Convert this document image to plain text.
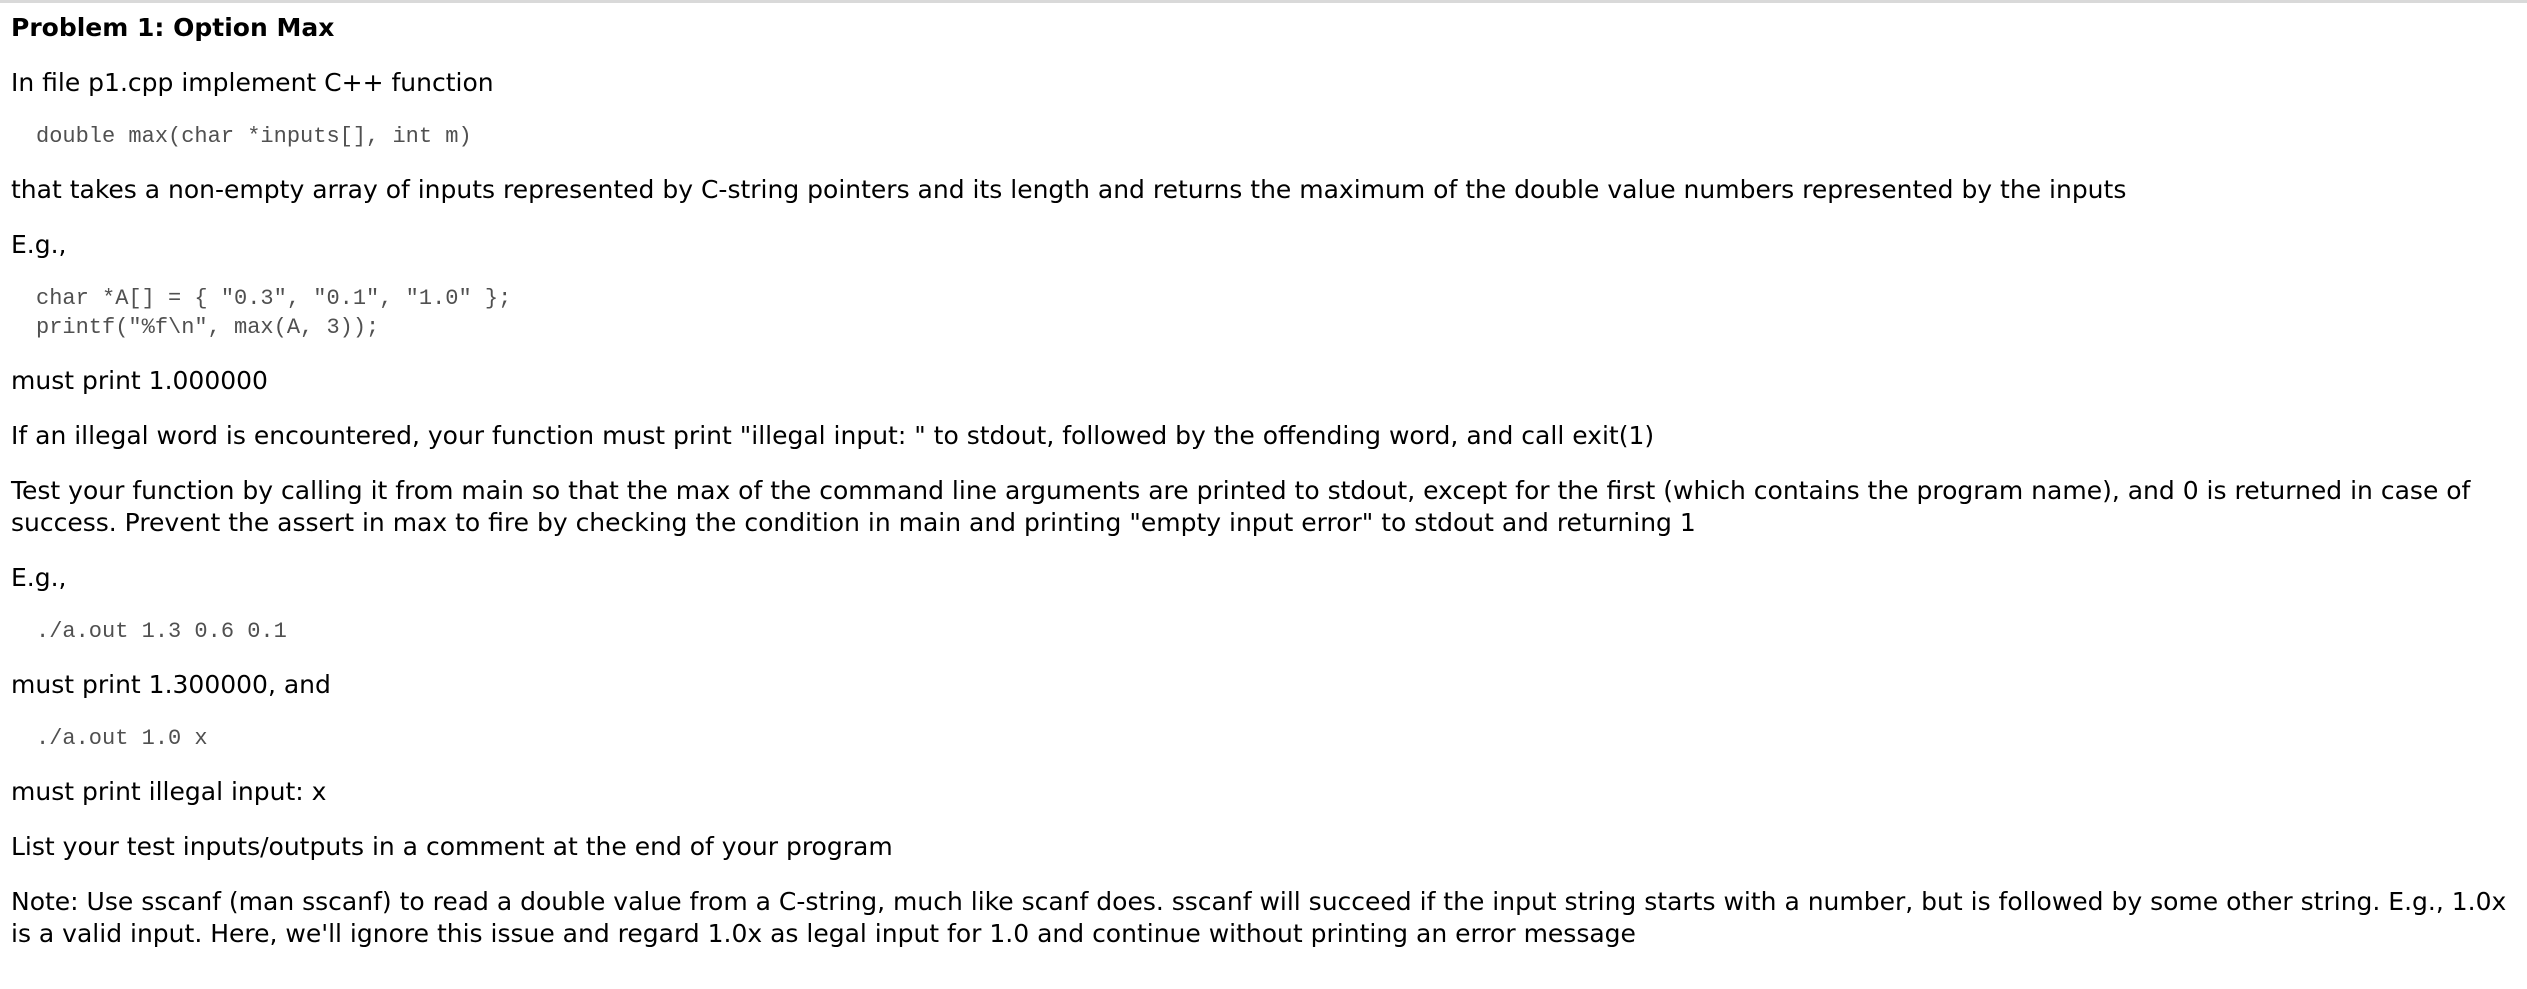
Problem 1: Option Max
In file p1.cpp implement C++ function
double max(char *inputs[], int m)
that takes a non-empty array of inputs represented by C-string pointers and its length and returns the maximum of the double value numbers represented by the inputs
E.g.,
char *A[] = { "0.3", "0.1", "1.0" };
printf("%f\n", max(A, 3));
must print 1.000000
If an illegal word is encountered, your function must print "illegal input: " to stdout, followed by the offending word, and call exit(1)
Test your function by calling it from main so that the max of the command line arguments are printed to stdout, except for the first (which contains the program name), and 0 is returned in case of success. Prevent the assert in max to fire by checking the condition in main and printing "empty input error" to stdout and returning 1
E.g.,
./a.out 1.3 0.6 0.1
must print 1.300000, and
./a.out 1.0 x
must print illegal input: x
List your test inputs/outputs in a comment at the end of your program
Note: Use sscanf (man sscanf) to read a double value from a C-string, much like scanf does. sscanf will succeed if the input string starts with a number, but is followed by some other string. E.g., 1.0x is a valid input. Here, we'll ignore this issue and regard 1.0x as legal input for 1.0 and continue without printing an error message
